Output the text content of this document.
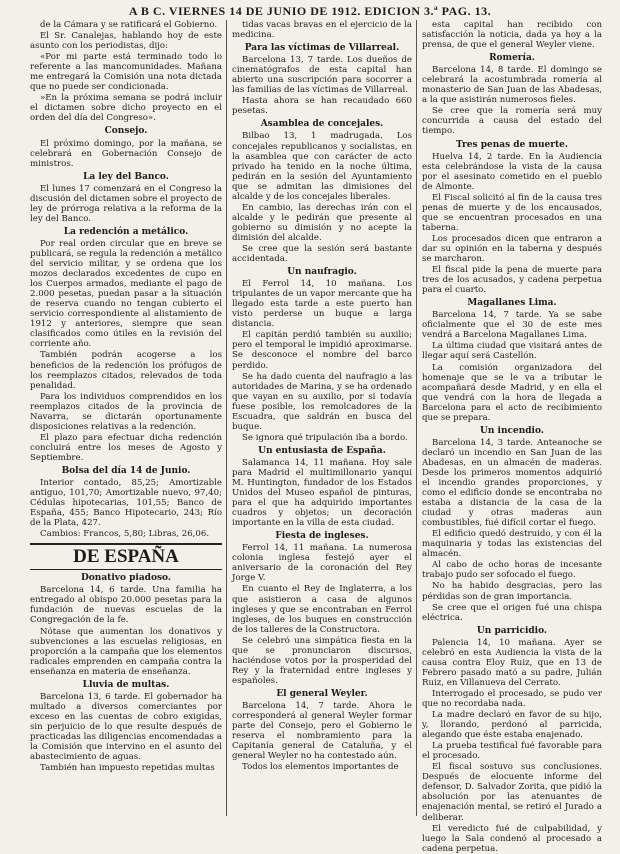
A B C. VIERNES 14 DE JUNIO DE 1912. EDICION 3.ª PAG. 13.

de la Cámara y se ratificará el Gobierno.

El Sr. Canalejas, hablando hoy de este asunto con los periodistas, dijo:

«Por mi parte está terminado todo lo referente a las mancomunidades. Mañana me entregará la Comisión una nota dictada que no puede ser condicionada.

»En la próxima semana se podrá incluir el dictamen sobre dicho proyecto en el orden del día del Congreso».

Consejo.

El próximo domingo, por la mañana, se celebrará en Gobernación Consejo de ministros.

La ley del Banco.

El lunes 17 comenzará en el Congreso la discusión del dictamen sobre el proyecto de ley de prórroga relativa a la reforma de la ley del Banco.

La redención a metálico.

Por real orden circular que en breve se publicará, se regula la redención a metálico del servicio militar, y se ordena que los mozos declarados excedentes de cupo en los Cuerpos armados, mediante el pago de 2.000 pesetas, puedan pasar a la situación de reserva cuando no tengan cubierto el servicio correspondiente al alistamiento de 1912 y anteriores, siempre que sean clasificados como útiles en la revisión del corriente año.

También podrán acogerse a los beneficios de la redención los prófugos de los reemplazos citados, relevados de toda penalidad.

Para los individuos comprendidos en los reemplazos citados de la provincia de Navarra, se dictarán oportunamente disposiciones relativas a la redención.

El plazo para efectuar dicha redención concluirá entre los meses de Agosto y Septiembre.

Bolsa del día 14 de Junio.

Interior contado, 85,25; Amortizable antiguo, 101,70; Amortizable nuevo, 97,40; Cédulas hipotecarias, 101,55; Banco de España, 455; Banco Hipotecario, 243; Río de la Plata, 427.

Cambios: Francos, 5,80; Libras, 26,06.

DE ESPAÑA

Donativo piadoso.

Barcelona 14, 6 tarde. Una familia ha entregado al obispo 20.000 pesetas para la fundación de nuevas escuelas de la Congregación de la fe.

Nótase que aumentan los donativos y subvenciones a las escuelas religiosas, en proporción a la campaña que los elementos radicales emprenden en campaña contra la enseñanza en materia de enseñanza.

Lluvia de multas.

Barcelona 13, 6 tarde. El gobernador ha multado a diversos comerciantes por exceso en las cuentas de cobro exigidas, sin perjuicio de lo que resulte después de practicadas las diligencias encomendadas a la Comisión que intervino en el asunto del abastecimiento de aguas.

También han impuesto repetidas multas

tidas vacas bravas en el ejercicio de la medicina.

Para las víctimas de Villarreal.

Barcelona 13, 7 tarde. Los dueños de cinematógrafos de esta capital han abierto una suscripción para socorrer a las familias de las víctimas de Villarreal.

Hasta ahora se han recaudado 660 pesetas.

Asamblea de concejales.

Bilbao 13, 1 madrugada. Los concejales republicanos y socialistas, en la asamblea que con carácter de acto privado ha tenido en la noche última, pedirán en la sesión del Ayuntamiento que se admitan las dimisiones del alcalde y de los concejales liberales.

En cambio, las derechas irán con el alcalde y le pedirán que presente al gobierno su dimisión y no acepte la dimisión del alcalde.

Se cree que la sesión será bastante accidentada.

Un naufragio.

El Ferrol 14, 10 mañana. Los tripulantes de un vapor mercante que ha llegado esta tarde a este puerto han visto perderse un buque a larga distancia.

El capitán perdió también su auxilio; pero el temporal le impidió aproximarse. Se desconoce el nombre del barco perdido.

Se ha dado cuenta del naufragio a las autoridades de Marina, y se ha ordenado que vayan en su auxilio, por si todavía fuese posible, los remolcadores de la Escuadra, que saldrán en busca del buque.

Se ignora qué tripulación iba a bordo.

Un entusiasta de España.

Salamanca 14, 11 mañana. Hoy sale para Madrid el multimillonario yanqui M. Huntington, fundador de los Estados Unidos del Museo español de pinturas, para el que ha adquirido importantes cuadros y objetos; un decoración importante en la villa de esta ciudad.

Fiesta de ingleses.

Ferrol 14, 11 mañana. La numerosa colonia inglesa festejó ayer el aniversario de la coronación del Rey Jorge V.

En cuanto el Rey de Inglaterra, a los que asistieron a casa de algunos ingleses y que se encontraban en Ferrol ingleses, de los buques en construcción de los talleres de la Constructora.

Se celebró una simpática fiesta en la que se pronunciaron discursos, haciéndose votos por la prosperidad del Rey y la fraternidad entre ingleses y españoles.

El general Weyler.

Barcelona 14, 7 tarde. Ahora le corresponderá al general Weyler formar parte del Consejo, pero el Gobierno le reserva el nombramiento para la Capitanía general de Cataluña, y el general Weyler no ha contestado aún.

Todos los elementos importantes de

esta capital han recibido con satisfacción la noticia, dada ya hoy a la prensa, de que el general Weyler viene.

Romería.

Barcelona 14, 8 tarde. El domingo se celebrará la acostumbrada romería al monasterio de San Juan de las Abadesas, a la que asistirán numerosos fieles.

Se cree que la romería será muy concurrida a causa del estado del tiempo.

Tres penas de muerte.

Huelva 14, 2 tarde. En la Audiencia esta celebrándose la vista de la causa por el asesinato cometido en el pueblo de Almonte.

El Fiscal solicitó al fin de la causa tres penas de muerte y de los encausados, que se encuentran procesados en una taberna.

Los procesados dicen que entraron a dar su opinión en la taberna y después se marcharon.

El fiscal pide la pena de muerte para tres de los acusados, y cadena perpetua para el cuarto.

Magallanes Lima.

Barcelona 14, 7 tarde. Ya se sabe oficialmente que el 30 de este mes vendrá a Barcelona Magallanes Lima.

La última ciudad que visitará antes de llegar aquí será Castellón.

La comisión organizadora del homenaje que se le va a tributar le acompañará desde Madrid, y en ella el que vendrá con la hora de llegada a Barcelona para el acto de recibimiento que se prepara.

Un incendio.

Barcelona 14, 3 tarde. Anteanoche se declaró un incendio en San Juan de las Abadesas, en un almacén de maderas. Desde los primeros momentos adquirió el incendio grandes proporciones, y como el edificio donde se encontraba no estaba a distancia de la casa de la ciudad y otras maderas aun combustibles, fué difícil cortar el fuego.

El edificio quedó destruido, y con él la maquinaria y todas las existencias del almacén.

Al cabo de ocho horas de incesante trabajo pudo ser sofocado el fuego.

No ha habido desgracias, pero las pérdidas son de gran importancia.

Se cree que el origen fué una chispa eléctrica.

Un parricidio.

Palencia 14, 10 mañana. Ayer se celebró en esta Audiencia la vista de la causa contra Eloy Ruiz, que en 13 de Febrero pasado mató a su padre, Julián Ruiz, en Villanueva del Cerrato.

Interrogado el procesado, se pudo ver que no recordaba nada.

La madre declaró en favor de su hijo, y, llorando, perdonó al parricida, alegando que éste estaba enajenado.

La prueba testifical fué favorable para el procesado.

El fiscal sostuvo sus conclusiones. Después de elocuente informe del defensor, D. Salvador Zorita, que pidió la absolución por las atenuantes de enajenación mental, se retiró el Jurado a deliberar.

El veredicto fué de culpabilidad, y luego la Sala condenó al procesado a cadena perpetua.
